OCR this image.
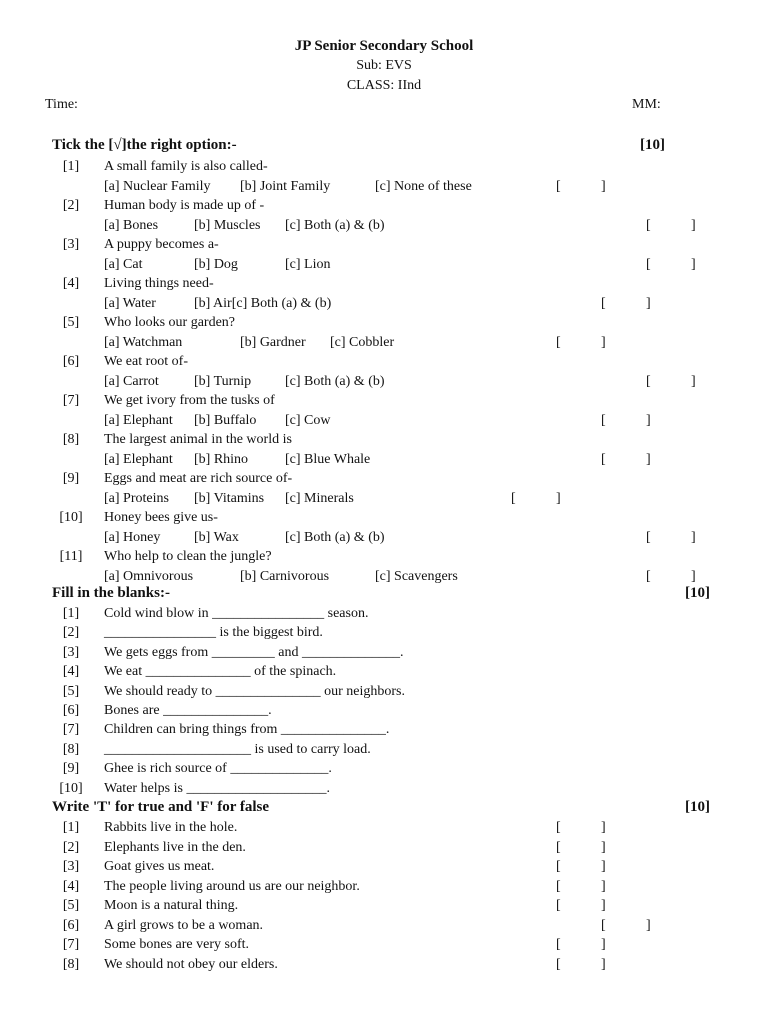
JP Senior Secondary School
Sub: EVS
CLASS: IInd
Time:	MM:
Tick the [√]the right option:-	[10]
[1]	A small family is also called-
[a] Nuclear Family [b] Joint Family	[c] None of these	[	]
[2]	Human body is made up of -
[a] Bones	[b] Muscles [c] Both (a) & (b)	[	]
[3]	A puppy becomes a-
[a] Cat	[b] Dog	[c] Lion	[	]
[4]	Living things need-
[a] Water	[b] Air[c] Both (a) & (b)	[	]
[5]	Who looks our garden?
[a] Watchman	[b] Gardner [c] Cobbler	[	]
[6]	We eat root of-
[a] Carrot	[b] Turnip [c] Both (a) & (b)	[	]
[7]	We get ivory from the tusks of
[a] Elephant [b] Buffalo [c] Cow	[	]
[8]	The largest animal in the world is
[a] Elephant [b] Rhino	[c] Blue Whale	[	]
[9]	Eggs and meat are rich source of-
[a] Proteins [b] Vitamins [c] Minerals	[	]
[10]	Honey bees give us-
[a] Honey [b] Wax	[c] Both (a) & (b)	[	]
[11]	Who help to clean the jungle?
[a] Omnivorous	[b] Carnivorous	[c] Scavengers	[	]
Fill in the blanks:-	[10]
[1]	Cold wind blow in ________________ season.
[2]	________________ is the biggest bird.
[3]	We gets eggs from _________ and ______________.
[4]	We eat _______________ of the spinach.
[5]	We should ready to _______________ our neighbors.
[6]	Bones are _______________.
[7]	Children can bring things from _______________.
[8]	_____________________ is used to carry load.
[9]	Ghee is rich source of ______________.
[10]	Water helps is ____________________.
Write 'T' for true and 'F' for false	[10]
[1]	Rabbits live in the hole.	[	]
[2]	Elephants live in the den.	[	]
[3]	Goat gives us meat.	[	]
[4]	The people living around us are our neighbor.	[	]
[5]	Moon is a natural thing.	[	]
[6]	A girl grows to be a woman.	[	]
[7]	Some bones are very soft.	[	]
[8]	We should not obey our elders.	[	]
